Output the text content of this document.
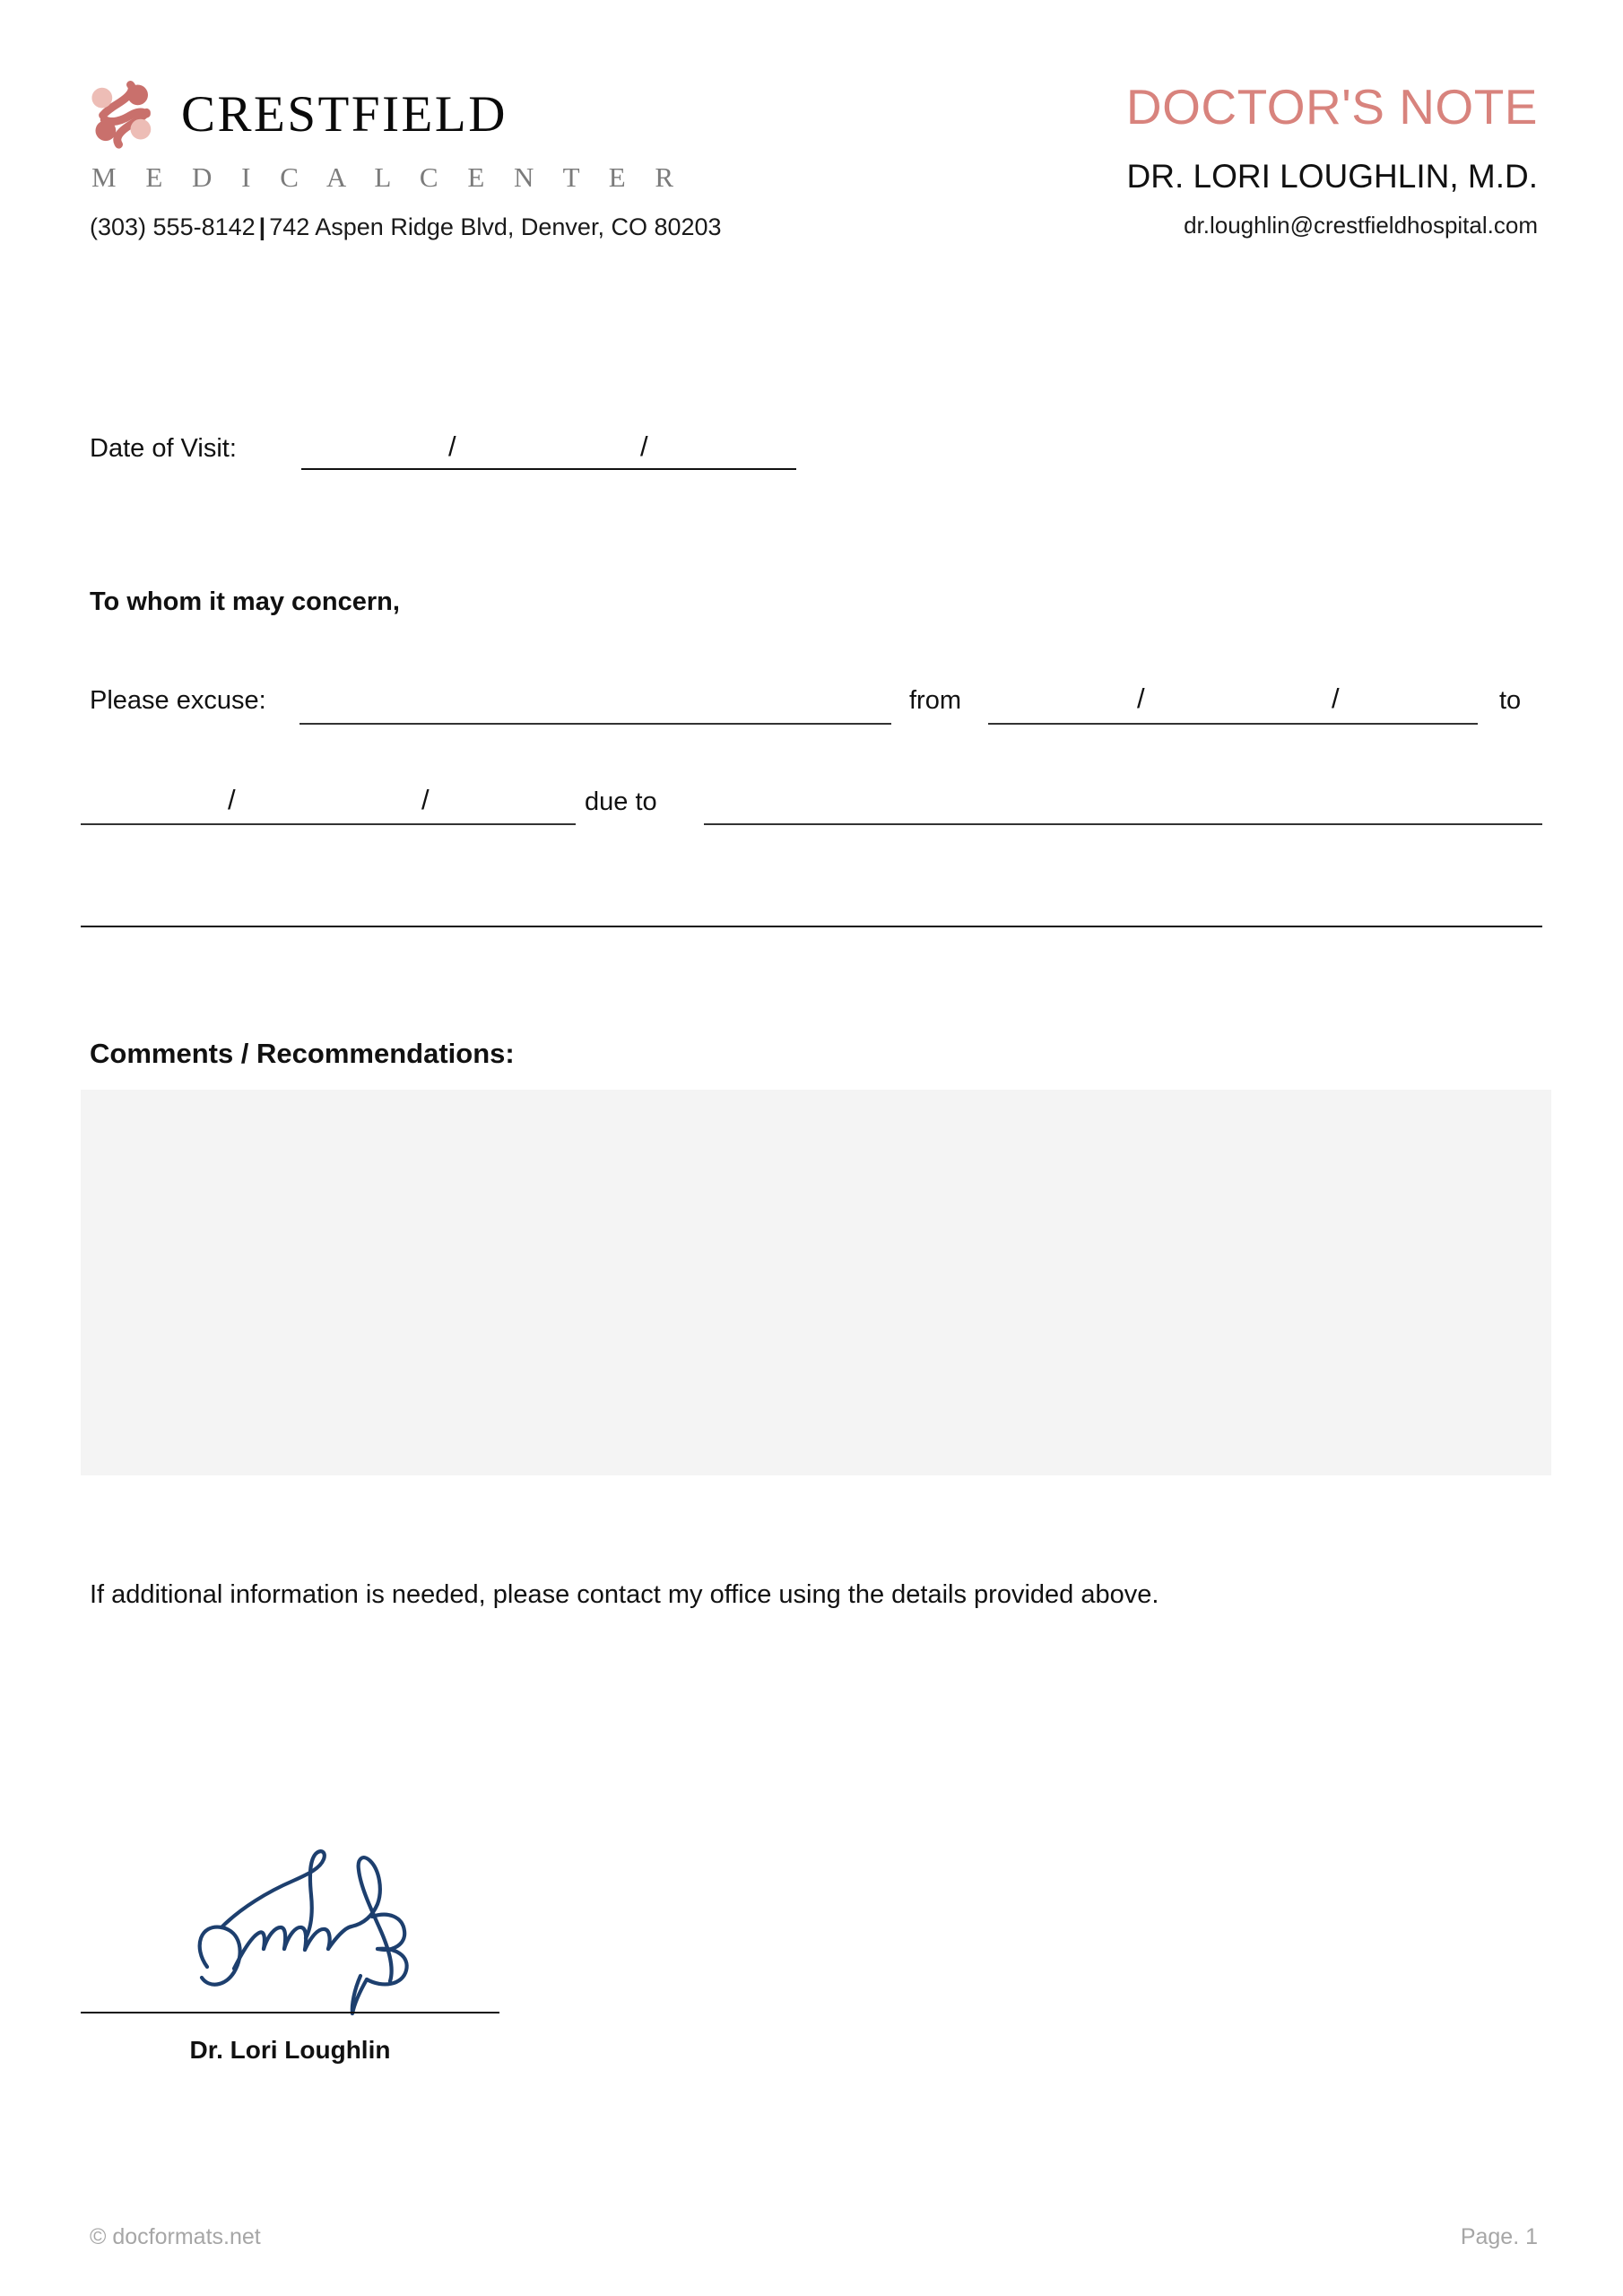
CRESTFIELD
M E D I C A L C E N T E R
(303) 555-8142 | 742 Aspen Ridge Blvd, Denver, CO 80203
DOCTOR'S NOTE
DR. LORI LOUGHLIN, M.D.
dr.loughlin@crestfieldhospital.com
Date of Visit:	/	/
To whom it may concern,
Please excuse:	from	/	/	to
/	/	due to
Comments / Recommendations:
If additional information is needed, please contact my office using the details provided above.
Dr. Lori Loughlin
© docformats.net	Page. 1
